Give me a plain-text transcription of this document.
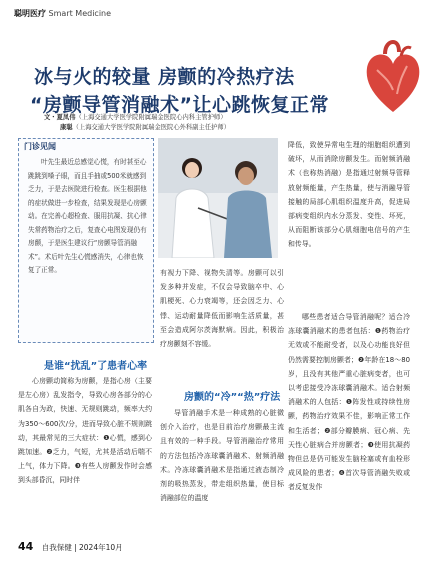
聪明医疗 Smart Medicine
冰与火的较量 房颤的冷热疗法
“房颤导管消融术”让心跳恢复正常
文・夏凤伟（上海交通大学医学院附属瑞金医院心内科主管护师）
康聪（上海交通大学医学院附属瑞金医院心外科副主任护师）
门诊见闻
叶先生最近总感觉心慌，有时甚至心跳跳到嗓子眼，而且手抽或500米就感到乏力，于是去医院进行检查。医生根据他的症状做进一步检查，结果发现是心房颤动。在完善心超检查、服用抗凝、抗心律失常药物治疗之后，复查心电图发现仍有房颤，于是医生建议行“房颤导管消融术”。术后叶先生心慌感消失，心律也恢复了正常。
是谁“扰乱”了患者心率
心房颤动简称为房颤，是指心房（主要是左心房）乱发指令，导致心房各部分的心肌各自为政，快速、无规则跳动，频率大约为350～600次/分，进而导致心脏不规则跳动，其最常见的三大症状：❶心慌，感到心跳加速。❷乏力，气短，尤其是活动后喘不上气，体力下降。❸有些人房颤发作时会感到头部昏沉，同时伴
有视力下降、视物失清等。房颤可以引发多种并发症，不仅会导致脑卒中、心肌梗死、心力衰竭等，还会因乏力、心悸、运动耐量降低而影响生活质量，甚至会造成阿尔茨海默病。因此，积极治疗房颤刻不容缓。
房颤的“冷”“热”疗法
导管消融手术是一种成熟的心脏微创介入治疗，也是目前治疗房颤最主流且有效的一种手段。导管消融治疗常用的方法包括冷冻球囊消融术、射频消融术。冷冻球囊消融术是指通过液态制冷剂的吸热蒸发，带走组织热量，使目标消融部位的温度
降低，致使异常电生理的细胞组织遭到破坏，从而消除房颤发生。而射频消融术（也称热消融）是指通过射频导管释放射频能量，产生热量，使与消融导管接触的局部心肌组织温度升高，促进局部病变组织内水分蒸发、变性、坏死，从而阻断该部分心肌细胞电信号的产生和传导。
哪些患者适合导管消融呢？适合冷冻球囊消融术的患者包括：❶药物治疗无效或不能耐受者，以及心功能良好但仍然需要控制房颤者；❷年龄在18～80岁，且没有其他严重心脏病变者，也可以考虑接受冷冻球囊消融术。适合射频消融术的人包括：❶阵发性或持续性房颤，药物治疗效果不佳，影响正常工作和生活者；❷部分瓣膜病、冠心病、先天性心脏病合并房颤者；❸使用抗凝药物但总是仍可能发生脑栓塞或有血栓形成风险的患者；❹首次导管消融失败或者反复发作
44 自我保健 | 2024年10月
